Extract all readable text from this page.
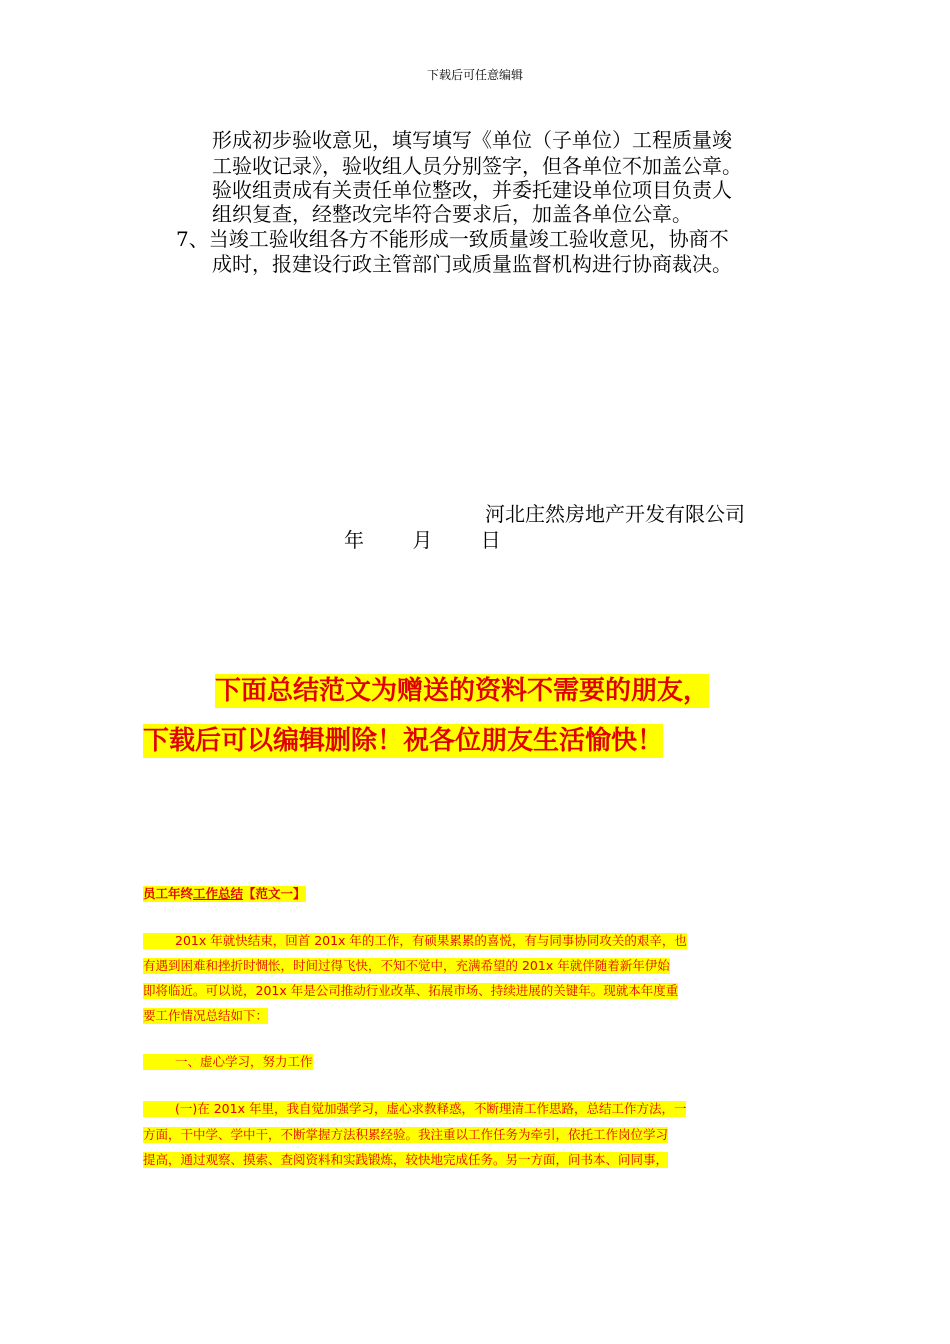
下载后可任意编辑
形成初步验收意见，填写填写《单位（子单位）工程质量竣
工验收记录》，验收组人员分别签字，但各单位不加盖公章。
验收组责成有关责任单位整改，并委托建设单位项目负责人
组织复查，经整改完毕符合要求后，加盖各单位公章。
7、当竣工验收组各方不能形成一致质量竣工验收意见，协商不
成时，报建设行政主管部门或质量监督机构进行协商裁决。
河北庄然房地产开发有限公司
年 月 日
下面总结范文为赠送的资料不需要的朋友，
下载后可以编辑删除！祝各位朋友生活愉快！
员工年终工作总结【范文一】
201x 年就快结束，回首 201x 年的工作，有硕果累累的喜悦，有与同事协同攻关的艰辛，也
有遇到困难和挫折时惆怅，时间过得飞快，不知不觉中，充满希望的 201x 年就伴随着新年伊始
即将临近。可以说，201x 年是公司推动行业改革、拓展市场、持续进展的关键年。现就本年度重
要工作情况总结如下：
一、虚心学习，努力工作
(一)在 201x 年里，我自觉加强学习，虚心求教释惑，不断理清工作思路，总结工作方法，一
方面，干中学、学中干，不断掌握方法积累经验。我注重以工作任务为牵引，依托工作岗位学习
提高，通过观察、摸索、查阅资料和实践锻炼，较快地完成任务。另一方面，问书本、问同事，
